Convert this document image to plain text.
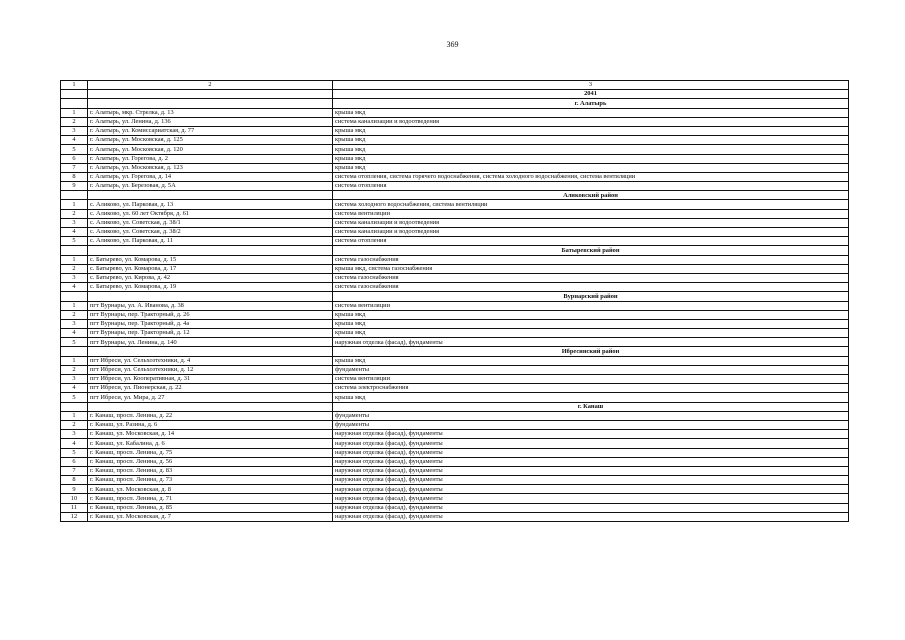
369
1	2	3
		2041
		г. Алатырь
1	г. Алатырь, мкр. Стрелка, д. 13	крыша мкд
2	г. Алатырь, ул. Ленина, д. 136	система канализации и водоотведения
3	г. Алатырь, ул. Комиссариатская, д. 77	крыша мкд
4	г. Алатырь, ул. Московская, д. 125	крыша мкд
5	г. Алатырь, ул. Московская, д. 120	крыша мкд
6	г. Алатырь, ул. Горегова, д. 2	крыша мкд
7	г. Алатырь, ул. Московская, д. 123	крыша мкд
8	г. Алатырь, ул. Горегова, д. 14	система отопления, система горячего водоснабжения, система холодного водоснабжения, система вентиляции
9	г. Алатырь, ул. Березовая, д. 5А	система отопления
		Аликовский район
1	с. Аликово, ул. Парковая, д. 13	система холодного водоснабжения, система вентиляции
2	с. Аликово, ул. 60 лет Октября, д. 61	система вентиляции
3	с. Аликово, ул. Советская, д. 38/1	система канализации и водоотведения
4	с. Аликово, ул. Советская, д. 38/2	система канализации и водоотведения
5	с. Аликово, ул. Парковая, д. 11	система отопления
		Батыревский район
1	с. Батырево, ул. Комарова, д. 15	система газоснабжения
2	с. Батырево, ул. Комарова, д. 17	крыша мкд, система газоснабжения
3	с. Батырево, ул. Кирова, д. 42	система газоснабжения
4	с. Батырево, ул. Комарова, д. 19	система газоснабжения
		Вурнарский район
1	пгт Вурнары, ул. А. Иванова, д. 38	система вентиляции
2	пгт Вурнары, пер. Тракторный, д. 26	крыша мкд
3	пгт Вурнары, пер. Тракторный, д. 4а	крыша мкд
4	пгт Вурнары, пер. Тракторный, д. 12	крыша мкд
5	пгт Вурнары, ул. Ленина, д. 140	наружная отделка (фасад), фундаменты
		Ибресинский район
1	пгт Ибреси, ул. Сельхозтехники, д. 4	крыша мкд
2	пгт Ибреси, ул. Сельхозтехники, д. 12	фундаменты
3	пгт Ибреси, ул. Кооперативная, д. 31	система вентиляции
4	пгт Ибреси, ул. Пионерская, д. 22	система электроснабжения
5	пгт Ибреси, ул. Мира, д. 27	крыша мкд
		г. Канаш
1	г. Канаш, просп. Ленина, д. 22	фундаменты
2	г. Канаш, ул. Разина, д. 6	фундаменты
3	г. Канаш, ул. Московская, д. 14	наружная отделка (фасад), фундаменты
4	г. Канаш, ул. Кабалина, д. 6	наружная отделка (фасад), фундаменты
5	г. Канаш, просп. Ленина, д. 75	наружная отделка (фасад), фундаменты
6	г. Канаш, просп. Ленина, д. 56	наружная отделка (фасад), фундаменты
7	г. Канаш, просп. Ленина, д. 83	наружная отделка (фасад), фундаменты
8	г. Канаш, просп. Ленина, д. 73	наружная отделка (фасад), фундаменты
9	г. Канаш, ул. Московская, д. 8	наружная отделка (фасад), фундаменты
10	г. Канаш, просп. Ленина, д. 71	наружная отделка (фасад), фундаменты
11	г. Канаш, просп. Ленина, д. 85	наружная отделка (фасад), фундаменты
12	г. Канаш, ул. Московская, д. 7	наружная отделка (фасад), фундаменты
